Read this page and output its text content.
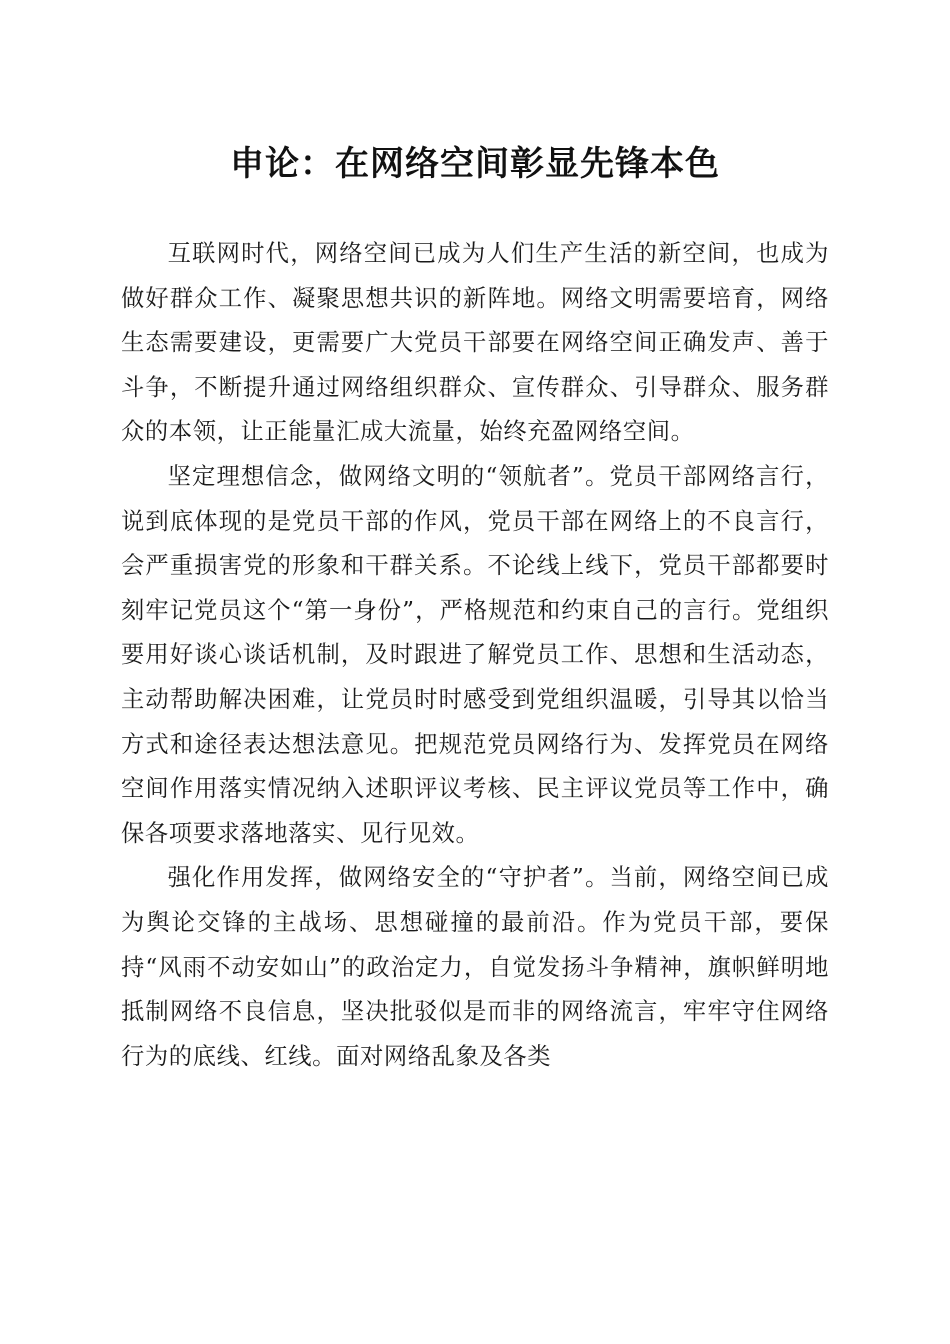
申论：在网络空间彰显先锋本色

互联网时代，网络空间已成为人们生产生活的新空间，也成为做好群众工作、凝聚思想共识的新阵地。网络文明需要培育，网络生态需要建设，更需要广大党员干部要在网络空间正确发声、善于斗争，不断提升通过网络组织群众、宣传群众、引导群众、服务群众的本领，让正能量汇成大流量，始终充盈网络空间。

坚定理想信念，做网络文明的“领航者”。党员干部网络言行，说到底体现的是党员干部的作风，党员干部在网络上的不良言行，会严重损害党的形象和干群关系。不论线上线下，党员干部都要时刻牢记党员这个“第一身份”，严格规范和约束自己的言行。党组织要用好谈心谈话机制，及时跟进了解党员工作、思想和生活动态，主动帮助解决困难，让党员时时感受到党组织温暖，引导其以恰当方式和途径表达想法意见。把规范党员网络行为、发挥党员在网络空间作用落实情况纳入述职评议考核、民主评议党员等工作中，确保各项要求落地落实、见行见效。

强化作用发挥，做网络安全的“守护者”。当前，网络空间已成为舆论交锋的主战场、思想碰撞的最前沿。作为党员干部，要保持“风雨不动安如山”的政治定力，自觉发扬斗争精神，旗帜鲜明地抵制网络不良信息，坚决批驳似是而非的网络流言，牢牢守住网络行为的底线、红线。面对网络乱象及各类
